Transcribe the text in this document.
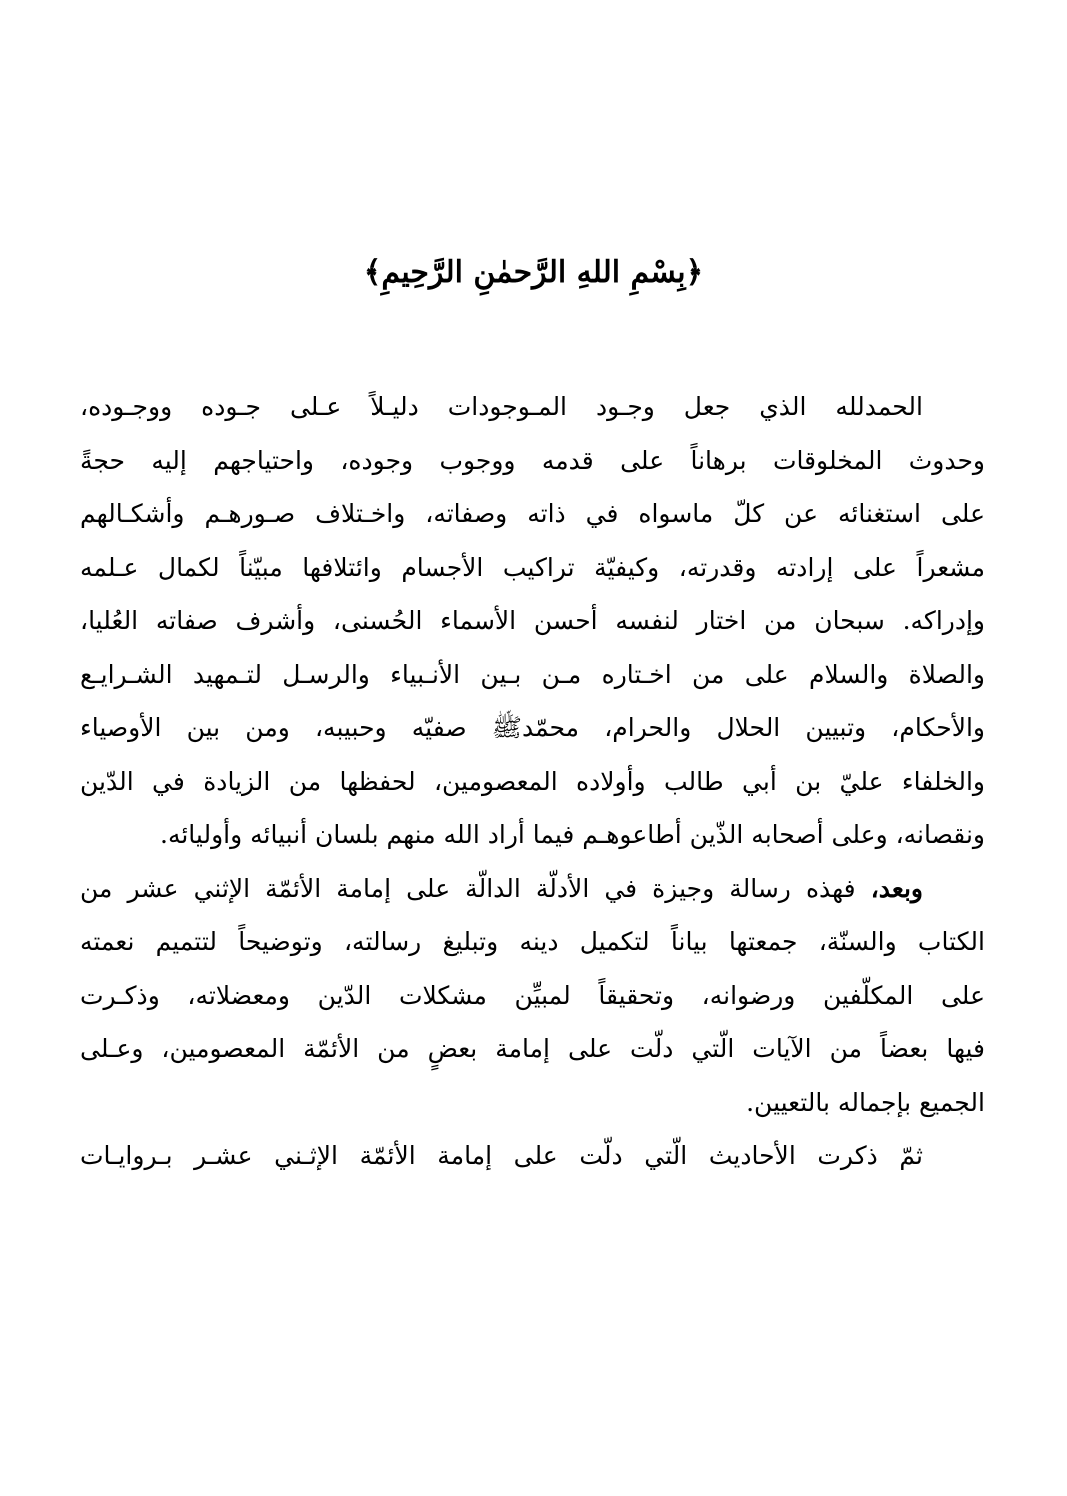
﴿بِسْمِ اللهِ الرَّحمٰنِ الرَّحِيمِ﴾
الحمدلله الذي جعل وجـود المـوجودات دليـلاً عـلى جـوده ووجـوده،
وحدوث المخلوقات برهاناً على قدمه ووجوب وجوده، واحتياجهم إليه حجةً
على استغنائه عن كلّ ماسواه في ذاته وصفاته، واخـتلاف صـورهـم وأشكـالهم
مشعراً على إرادته وقدرته، وكيفيّة تراكيب الأجسام وائتلافها مبيّناً لكمال عـلمه
وإدراكه. سبحان من اختار لنفسه أحسن الأسماء الحُسنى، وأشرف صفاته العُليا،
والصلاة والسلام على من اخـتاره مـن بـين الأنـبياء والرسـل لتـمهيد الشـرايـع
والأحكام، وتبيين الحلال والحرام، محمّدﷺ صفيّه وحبيبه، ومن بين الأوصياء
والخلفاء عليّ بن أبي طالب وأولاده المعصومين، لحفظها من الزيادة في الدّين
ونقصانه، وعلى أصحابه الذّين أطاعوهـم فيما أراد الله منهم بلسان أنبيائه وأوليائه.
وبعد، فهذه رسالة وجيزة في الأدلّة الدالّة على إمامة الأئمّة الإثني عشر من
الكتاب والسنّة، جمعتها بياناً لتكميل دينه وتبليغ رسالته، وتوضيحاً لتتميم نعمته
على المكلّفين ورضوانه، وتحقيقاً لمبيِّن مشكلات الدّين ومعضلاته، وذكـرت
فيها بعضاً من الآيات الّتي دلّت على إمامة بعضٍ من الأئمّة المعصومين، وعـلى
الجميع بإجماله بالتعيين.
ثمّ ذكرت الأحاديث الّتي دلّت على إمامة الأئمّة الإثـني عشـر بـروايـات
